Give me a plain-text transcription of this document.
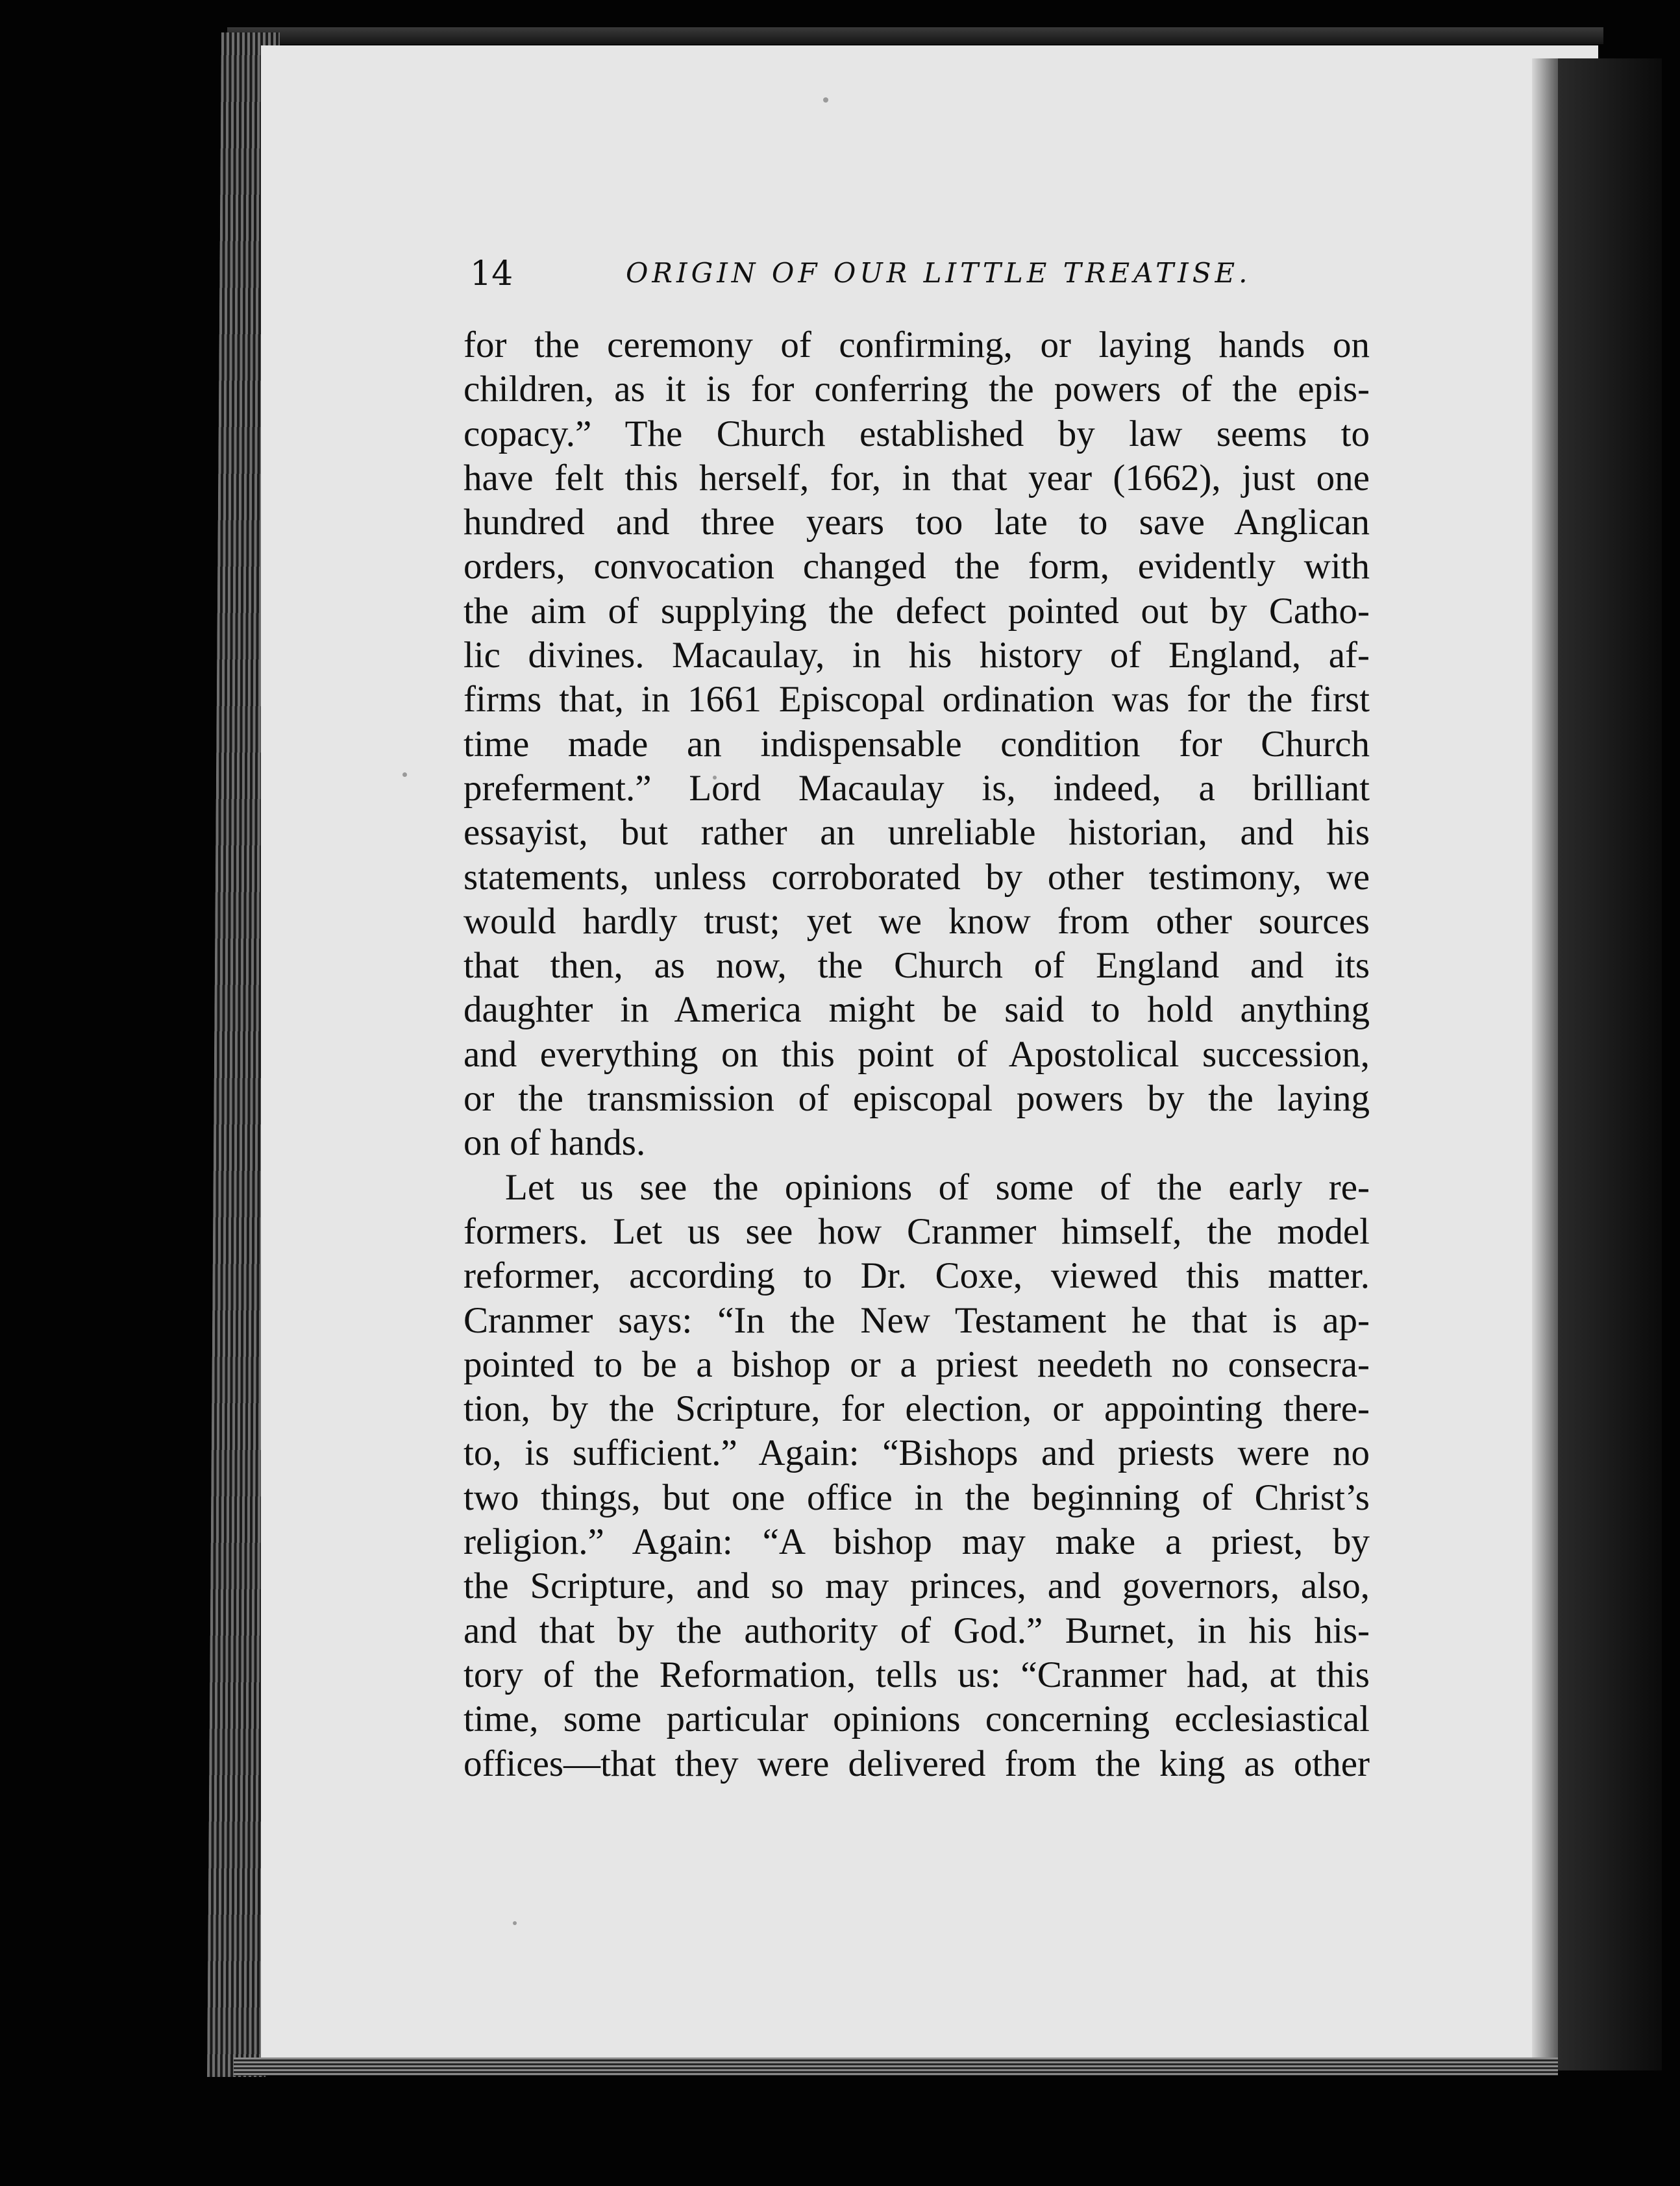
14	ORIGIN OF OUR LITTLE TREATISE.
for the ceremony of confirming, or laying hands on
children, as it is for conferring the powers of the epis-
copacy.” The Church established by law seems to
have felt this herself, for, in that year (1662), just one
hundred and three years too late to save Anglican
orders, convocation changed the form, evidently with
the aim of supplying the defect pointed out by Catho-
lic divines. Macaulay, in his history of England, af-
firms that, in 1661 Episcopal ordination was for the first
time made an indispensable condition for Church
preferment.” Lord Macaulay is, indeed, a brilliant
essayist, but rather an unreliable historian, and his
statements, unless corroborated by other testimony, we
would hardly trust; yet we know from other sources
that then, as now, the Church of England and its
daughter in America might be said to hold anything
and everything on this point of Apostolical succession,
or the transmission of episcopal powers by the laying
on of hands.
Let us see the opinions of some of the early re-
formers. Let us see how Cranmer himself, the model
reformer, according to Dr. Coxe, viewed this matter.
Cranmer says: “In the New Testament he that is ap-
pointed to be a bishop or a priest needeth no consecra-
tion, by the Scripture, for election, or appointing there-
to, is sufficient.” Again: “Bishops and priests were no
two things, but one office in the beginning of Christ’s
religion.” Again: “A bishop may make a priest, by
the Scripture, and so may princes, and governors, also,
and that by the authority of God.” Burnet, in his his-
tory of the Reformation, tells us: “Cranmer had, at this
time, some particular opinions concerning ecclesiastical
offices—that they were delivered from the king as other
